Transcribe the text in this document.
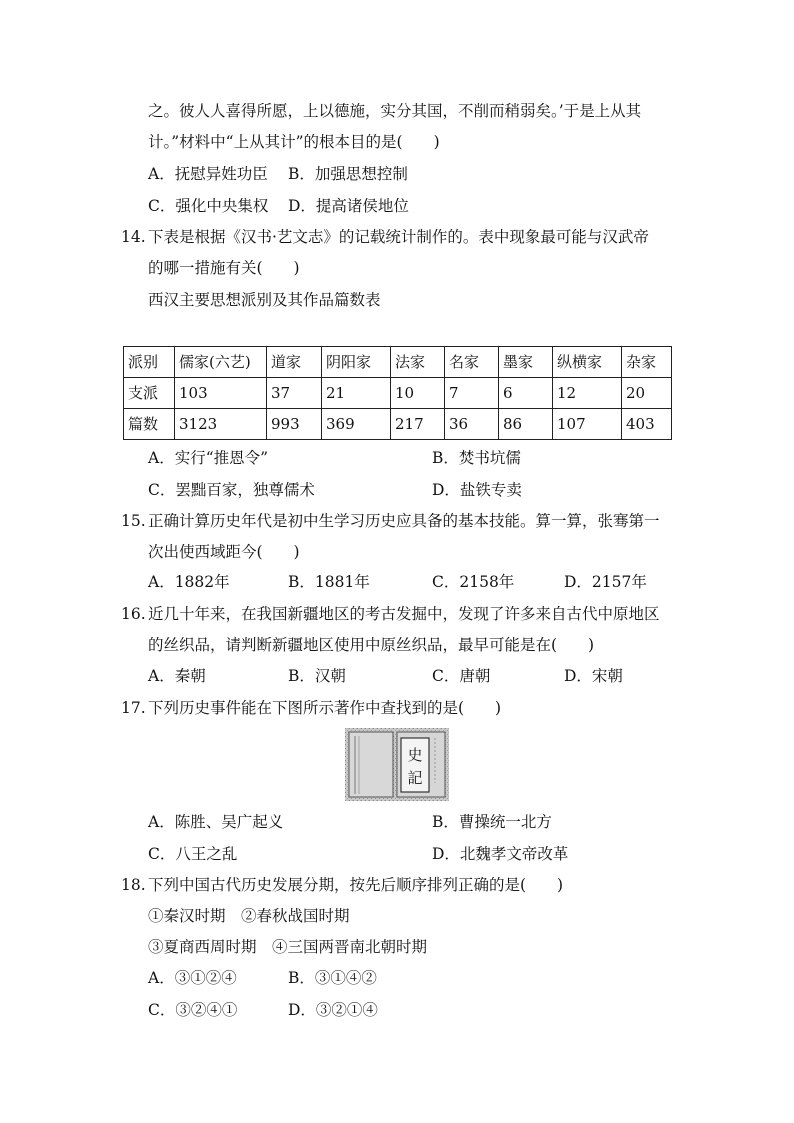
之。彼人人喜得所愿，上以德施，实分其国，不削而稍弱矣。’于是上从其
计。”材料中“上从其计”的根本目的是(　　)
A．抚慰异姓功臣 B．加强思想控制
C．强化中央集权 D．提高诸侯地位
14. 下表是根据《汉书·艺文志》的记载统计制作的。表中现象最可能与汉武帝
的哪一措施有关(　　)
西汉主要思想派别及其作品篇数表
派别	儒家(六艺)	道家	阴阳家	法家	名家	墨家	纵横家	杂家
支派	103	37	21	10	7	6	12	20
篇数	3123	993	369	217	36	86	107	403
A．实行“推恩令”	B．焚书坑儒
C．罢黜百家，独尊儒术	D．盐铁专卖
15. 正确计算历史年代是初中生学习历史应具备的基本技能。算一算，张骞第一
次出使西域距今(　　)
A．1882年	B．1881年	C．2158年	D．2157年
16. 近几十年来，在我国新疆地区的考古发掘中，发现了许多来自古代中原地区
的丝织品，请判断新疆地区使用中原丝织品，最早可能是在(　　)
A．秦朝	B．汉朝	C．唐朝	D．宋朝
17. 下列历史事件能在下图所示著作中查找到的是(　　)
史
記
A．陈胜、吴广起义	B．曹操统一北方
C．八王之乱	D．北魏孝文帝改革
18. 下列中国古代历史发展分期，按先后顺序排列正确的是(　　)
①秦汉时期　②春秋战国时期
③夏商西周时期　④三国两晋南北朝时期
A．③①②④	B．③①④②
C．③②④①	D．③②①④
